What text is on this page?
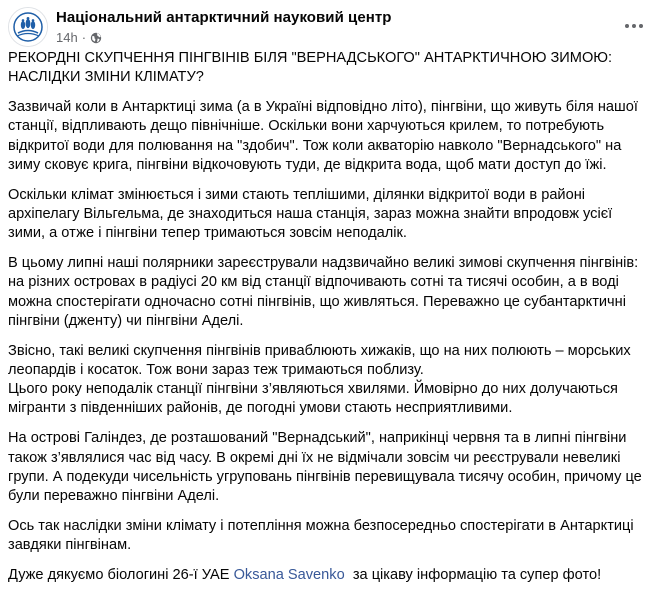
Національний антарктичний науковий центр
14h ·

РЕКОРДНІ СКУПЧЕННЯ ПІНГВІНІВ БІЛЯ "ВЕРНАДСЬКОГО" АНТАРКТИЧНОЮ ЗИМОЮ: НАСЛІДКИ ЗМІНИ КЛІМАТУ?

Зазвичай коли в Антарктиці зима (а в Україні відповідно літо), пінгвіни, що живуть біля нашої станції, відпливають дещо північніше. Оскільки вони харчуються крилем, то потребують відкритої води для полювання на "здобич". Тож коли акваторію навколо "Вернадського" на зиму сковує крига, пінгвіни відкочовують туди, де відкрита вода, щоб мати доступ до їжі.

Оскільки клімат змінюється і зими стають теплішими, ділянки відкритої води в районі архіпелагу Вільгельма, де знаходиться наша станція, зараз можна знайти впродовж усієї зими, а отже і пінгвіни тепер тримаються зовсім неподалік.

В цьому липні наші полярники зареєстрували надзвичайно великі зимові скупчення пінгвінів: на різних островах в радіусі 20 км від станції відпочивають сотні та тисячі особин, а в воді можна спостерігати одночасно сотні пінгвінів, що живляться. Переважно це субантарктичні пінгвіни (дженту) чи пінгвіни Аделі.

Звісно, такі великі скупчення пінгвінів приваблюють хижаків, що на них полюють – морських леопардів і косаток. Тож вони зараз теж тримаються поблизу.
Цього року неподалік станції пінгвіни з’являються хвилями. Ймовірно до них долучаються мігранти з південніших районів, де погодні умови стають несприятливими.

На острові Галіндез, де розташований "Вернадський", наприкінці червня та в липні пінгвіни також з’являлися час від часу. В окремі дні їх не відмічали зовсім чи реєстрували невеликі групи. А подекуди чисельність угруповань пінгвінів перевищувала тисячу особин, причому це були переважно пінгвіни Аделі.

Ось так наслідки зміни клімату і потепління можна безпосередньо спостерігати в Антарктиці завдяки пінгвінам.

Дуже дякуємо біологині 26-ї УАЕ Oksana Savenko  за цікаву інформацію та супер фото!
